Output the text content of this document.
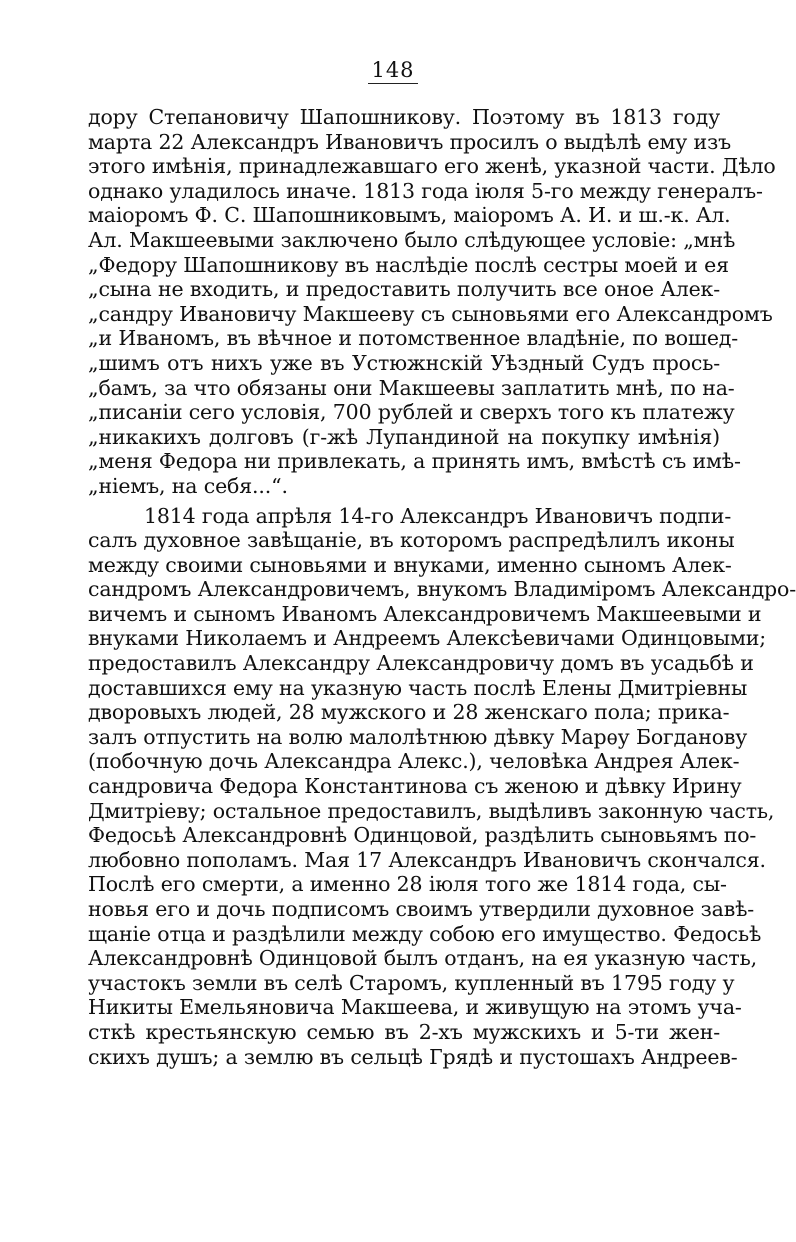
148
дору Степановичу Шапошникову. Поэтому въ 1813 году
марта 22 Александръ Ивановичъ просилъ о выдѣлѣ ему изъ
этого имѣнія, принадлежавшаго его женѣ, указной части. Дѣло
однако уладилось иначе. 1813 года іюля 5-го между генералъ-
маіоромъ Ф. С. Шапошниковымъ, маіоромъ А. И. и ш.-к. Ал.
Ал. Макшеевыми заключено было слѣдующее условіе: „мнѣ
„Федору Шапошникову въ наслѣдіе послѣ сестры моей и ея
„сына не входить, и предоставить получить все оное Алек-
„сандру Ивановичу Макшееву съ сыновьями его Александромъ
„и Иваномъ, въ вѣчное и потомственное владѣніе, по вошед-
„шимъ отъ нихъ уже въ Устюжнскій Уѣздный Судъ прось-
„бамъ, за что обязаны они Макшеевы заплатить мнѣ, по на-
„писаніи сего условія, 700 рублей и сверхъ того къ платежу
„никакихъ долговъ (г-жѣ Лупандиной на покупку имѣнія)
„меня Федора ни привлекать, а принять имъ, вмѣстѣ съ имѣ-
„ніемъ, на себя...“.
1814 года апрѣля 14-го Александръ Ивановичъ подпи-
салъ духовное завѣщаніе, въ которомъ распредѣлилъ иконы
между своими сыновьями и внуками, именно сыномъ Алек-
сандромъ Александровичемъ, внукомъ Владиміромъ Александро-
вичемъ и сыномъ Иваномъ Александровичемъ Макшеевыми и
внуками Николаемъ и Андреемъ Алексѣевичами Одинцовыми;
предоставилъ Александру Александровичу домъ въ усадьбѣ и
доставшихся ему на указную часть послѣ Елены Дмитріевны
дворовыхъ людей, 28 мужского и 28 женскаго пола; прика-
залъ отпустить на волю малолѣтнюю дѣвку Марѳу Богданову
(побочную дочь Александра Алекс.), человѣка Андрея Алек-
сандровича Федора Константинова съ женою и дѣвку Ирину
Дмитріеву; остальное предоставилъ, выдѣливъ законную часть,
Федосьѣ Александровнѣ Одинцовой, раздѣлить сыновьямъ по-
любовно пополамъ. Мая 17 Александръ Ивановичъ скончался.
Послѣ его смерти, а именно 28 іюля того же 1814 года, сы-
новья его и дочь подписомъ своимъ утвердили духовное завѣ-
щаніе отца и раздѣлили между собою его имущество. Федосьѣ
Александровнѣ Одинцовой былъ отданъ, на ея указную часть,
участокъ земли въ селѣ Старомъ, купленный въ 1795 году у
Никиты Емельяновича Макшеева, и живущую на этомъ уча-
сткѣ крестьянскую семью въ 2-хъ мужскихъ и 5-ти жен-
скихъ душъ; а землю въ сельцѣ Грядѣ и пустошахъ Андреев-
